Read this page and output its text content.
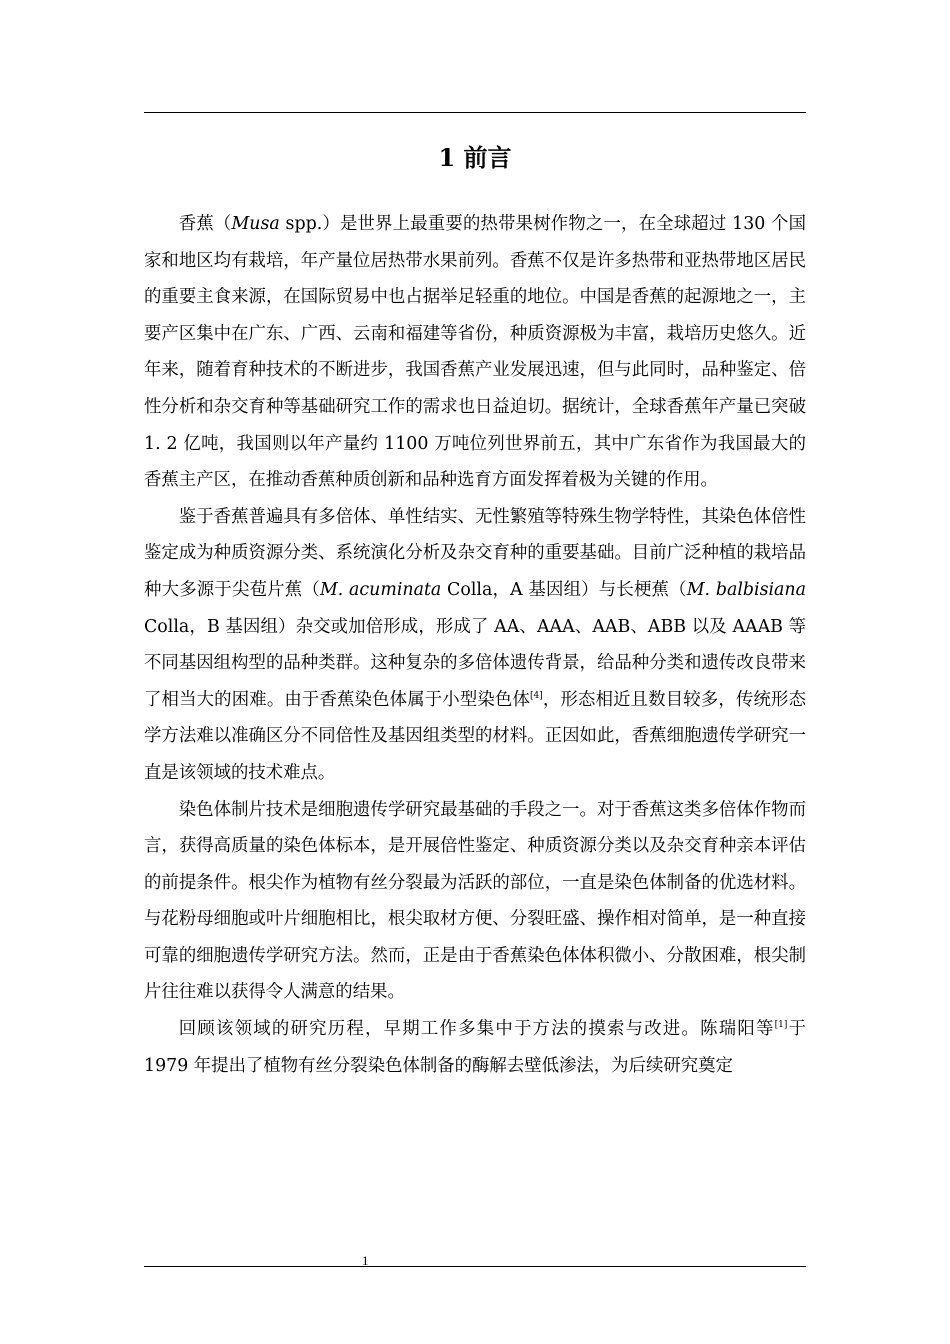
1 前言

香蕉（Musa spp.）是世界上最重要的热带果树作物之一，在全球超过 130 个国家和地区均有栽培，年产量位居热带水果前列。香蕉不仅是许多热带和亚热带地区居民的重要主食来源，在国际贸易中也占据举足轻重的地位。中国是香蕉的起源地之一，主要产区集中在广东、广西、云南和福建等省份，种质资源极为丰富，栽培历史悠久。近年来，随着育种技术的不断进步，我国香蕉产业发展迅速，但与此同时，品种鉴定、倍性分析和杂交育种等基础研究工作的需求也日益迫切。据统计，全球香蕉年产量已突破 1. 2 亿吨，我国则以年产量约 1100 万吨位列世界前五，其中广东省作为我国最大的香蕉主产区，在推动香蕉种质创新和品种选育方面发挥着极为关键的作用。

鉴于香蕉普遍具有多倍体、单性结实、无性繁殖等特殊生物学特性，其染色体倍性鉴定成为种质资源分类、系统演化分析及杂交育种的重要基础。目前广泛种植的栽培品种大多源于尖苞片蕉（M. acuminata Colla，A 基因组）与长梗蕉（M. balbisiana Colla，B 基因组）杂交或加倍形成，形成了 AA、AAA、AAB、ABB 以及 AAAB 等不同基因组构型的品种类群。这种复杂的多倍体遗传背景，给品种分类和遗传改良带来了相当大的困难。由于香蕉染色体属于小型染色体[4]，形态相近且数目较多，传统形态学方法难以准确区分不同倍性及基因组类型的材料。正因如此，香蕉细胞遗传学研究一直是该领域的技术难点。

染色体制片技术是细胞遗传学研究最基础的手段之一。对于香蕉这类多倍体作物而言，获得高质量的染色体标本，是开展倍性鉴定、种质资源分类以及杂交育种亲本评估的前提条件。根尖作为植物有丝分裂最为活跃的部位，一直是染色体制备的优选材料。与花粉母细胞或叶片细胞相比，根尖取材方便、分裂旺盛、操作相对简单，是一种直接可靠的细胞遗传学研究方法。然而，正是由于香蕉染色体体积微小、分散困难，根尖制片往往难以获得令人满意的结果。

回顾该领域的研究历程，早期工作多集中于方法的摸索与改进。陈瑞阳等[1]于 1979 年提出了植物有丝分裂染色体制备的酶解去壁低渗法，为后续研究奠定

1
